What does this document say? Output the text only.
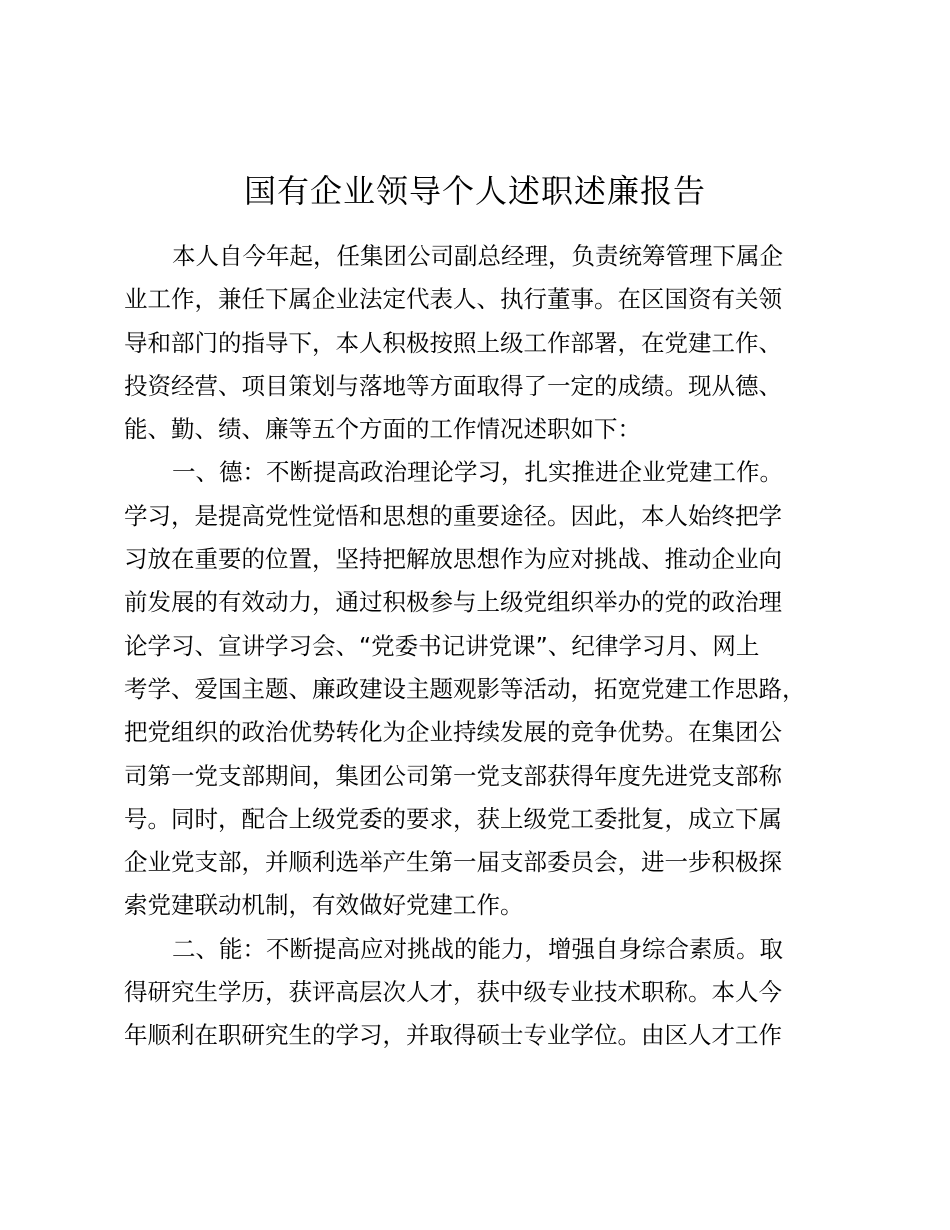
国有企业领导个人述职述廉报告
本人自今年起，任集团公司副总经理，负责统筹管理下属企
业工作，兼任下属企业法定代表人、执行董事。在区国资有关领
导和部门的指导下，本人积极按照上级工作部署，在党建工作、
投资经营、项目策划与落地等方面取得了一定的成绩。现从德、
能、勤、绩、廉等五个方面的工作情况述职如下：
一、德：不断提高政治理论学习，扎实推进企业党建工作。
学习，是提高党性觉悟和思想的重要途径。因此，本人始终把学
习放在重要的位置，坚持把解放思想作为应对挑战、推动企业向
前发展的有效动力，通过积极参与上级党组织举办的党的政治理
论学习、宣讲学习会、“党委书记讲党课”、纪律学习月、网上
考学、爱国主题、廉政建设主题观影等活动，拓宽党建工作思路，
把党组织的政治优势转化为企业持续发展的竞争优势。在集团公
司第一党支部期间，集团公司第一党支部获得年度先进党支部称
号。同时，配合上级党委的要求，获上级党工委批复，成立下属
企业党支部，并顺利选举产生第一届支部委员会，进一步积极探
索党建联动机制，有效做好党建工作。
二、能：不断提高应对挑战的能力，增强自身综合素质。取
得研究生学历，获评高层次人才，获中级专业技术职称。本人今
年顺利在职研究生的学习，并取得硕士专业学位。由区人才工作
